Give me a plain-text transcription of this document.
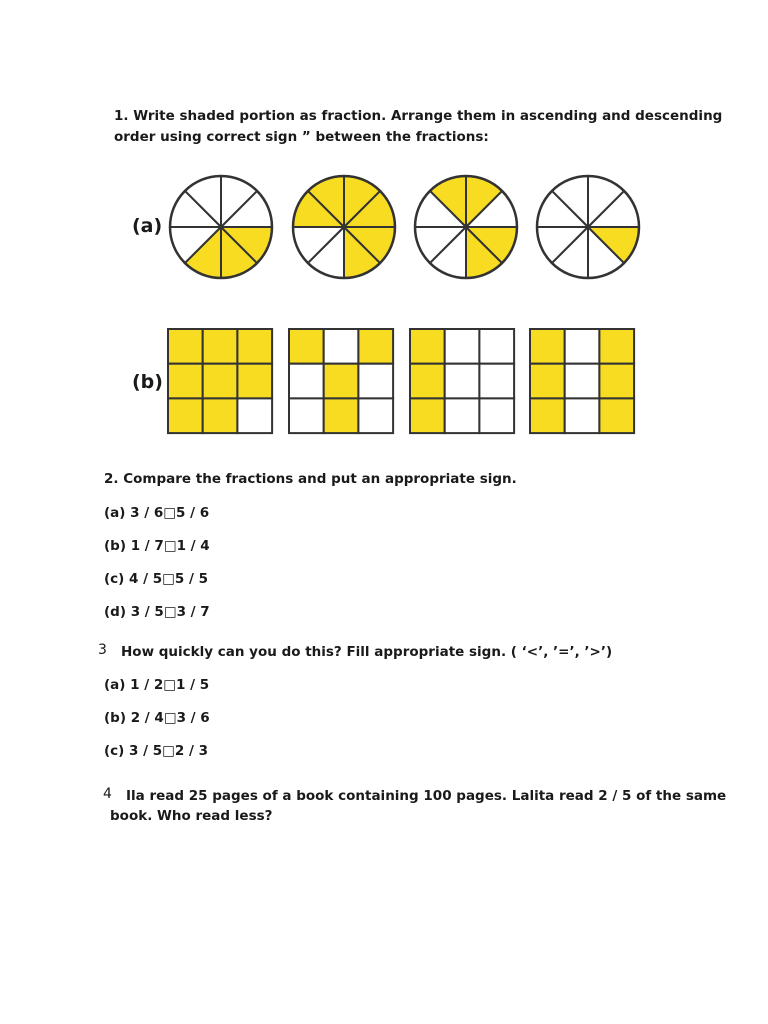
1. Write shaded portion as fraction. Arrange them in ascending and descending
order using correct sign ” between the fractions:
(a)
(b)
2. Compare the fractions and put an appropriate sign.
(a) 3 / 6□5 / 6
(b) 1 / 7□1 / 4
(c) 4 / 5□5 / 5
(d) 3 / 5□3 / 7
3 How quickly can you do this? Fill appropriate sign. ( ‘<’, ’=’, ’>’)
(a) 1 / 2□1 / 5
(b) 2 / 4□3 / 6
(c) 3 / 5□2 / 3
4 Ila read 25 pages of a book containing 100 pages. Lalita read 2 / 5 of the same
book. Who read less?
